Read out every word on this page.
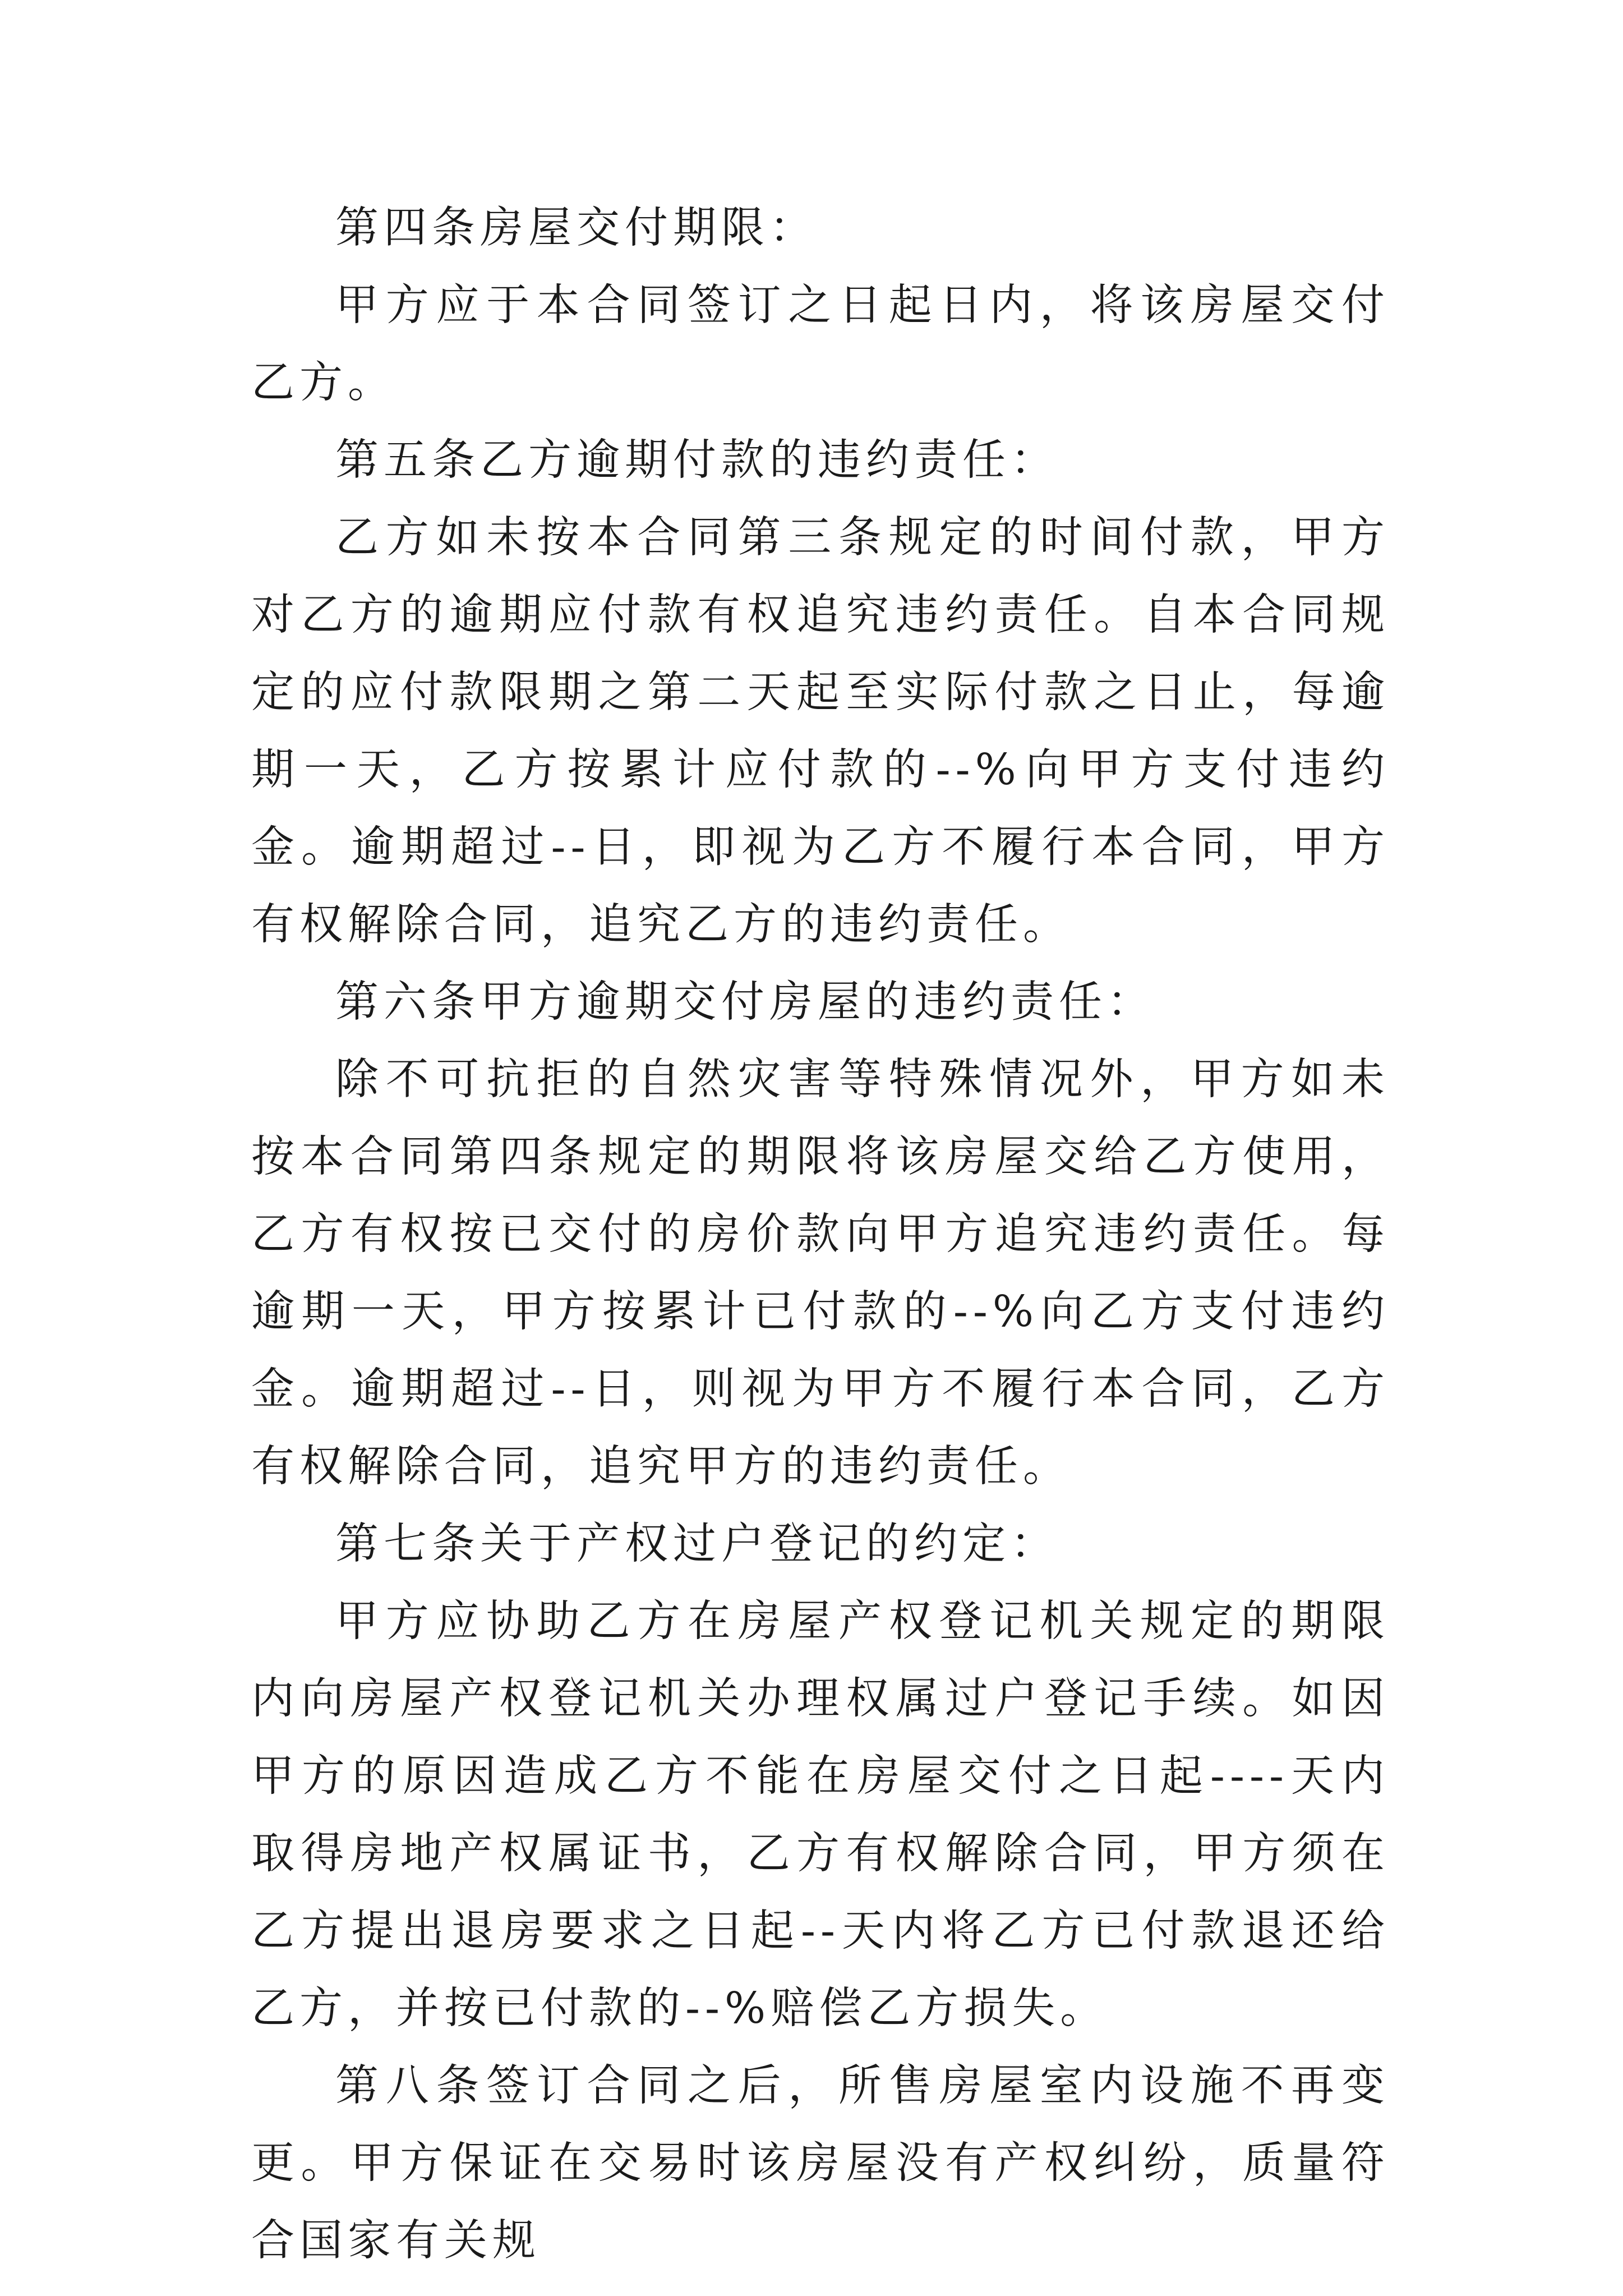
第四条房屋交付期限：

甲方应于本合同签订之日起日内，将该房屋交付乙方。

第五条乙方逾期付款的违约责任：

乙方如未按本合同第三条规定的时间付款，甲方对乙方的逾期应付款有权追究违约责任。自本合同规定的应付款限期之第二天起至实际付款之日止，每逾期一天，乙方按累计应付款的--%向甲方支付违约金。逾期超过--日，即视为乙方不履行本合同，甲方有权解除合同，追究乙方的违约责任。

第六条甲方逾期交付房屋的违约责任：

除不可抗拒的自然灾害等特殊情况外，甲方如未按本合同第四条规定的期限将该房屋交给乙方使用，乙方有权按已交付的房价款向甲方追究违约责任。每逾期一天，甲方按累计已付款的--%向乙方支付违约金。逾期超过--日，则视为甲方不履行本合同，乙方有权解除合同，追究甲方的违约责任。

第七条关于产权过户登记的约定：

甲方应协助乙方在房屋产权登记机关规定的期限内向房屋产权登记机关办理权属过户登记手续。如因甲方的原因造成乙方不能在房屋交付之日起----天内取得房地产权属证书，乙方有权解除合同，甲方须在乙方提出退房要求之日起--天内将乙方已付款退还给乙方，并按已付款的--%赔偿乙方损失。

第八条签订合同之后，所售房屋室内设施不再变更。甲方保证在交易时该房屋没有产权纠纷，质量符合国家有关规
